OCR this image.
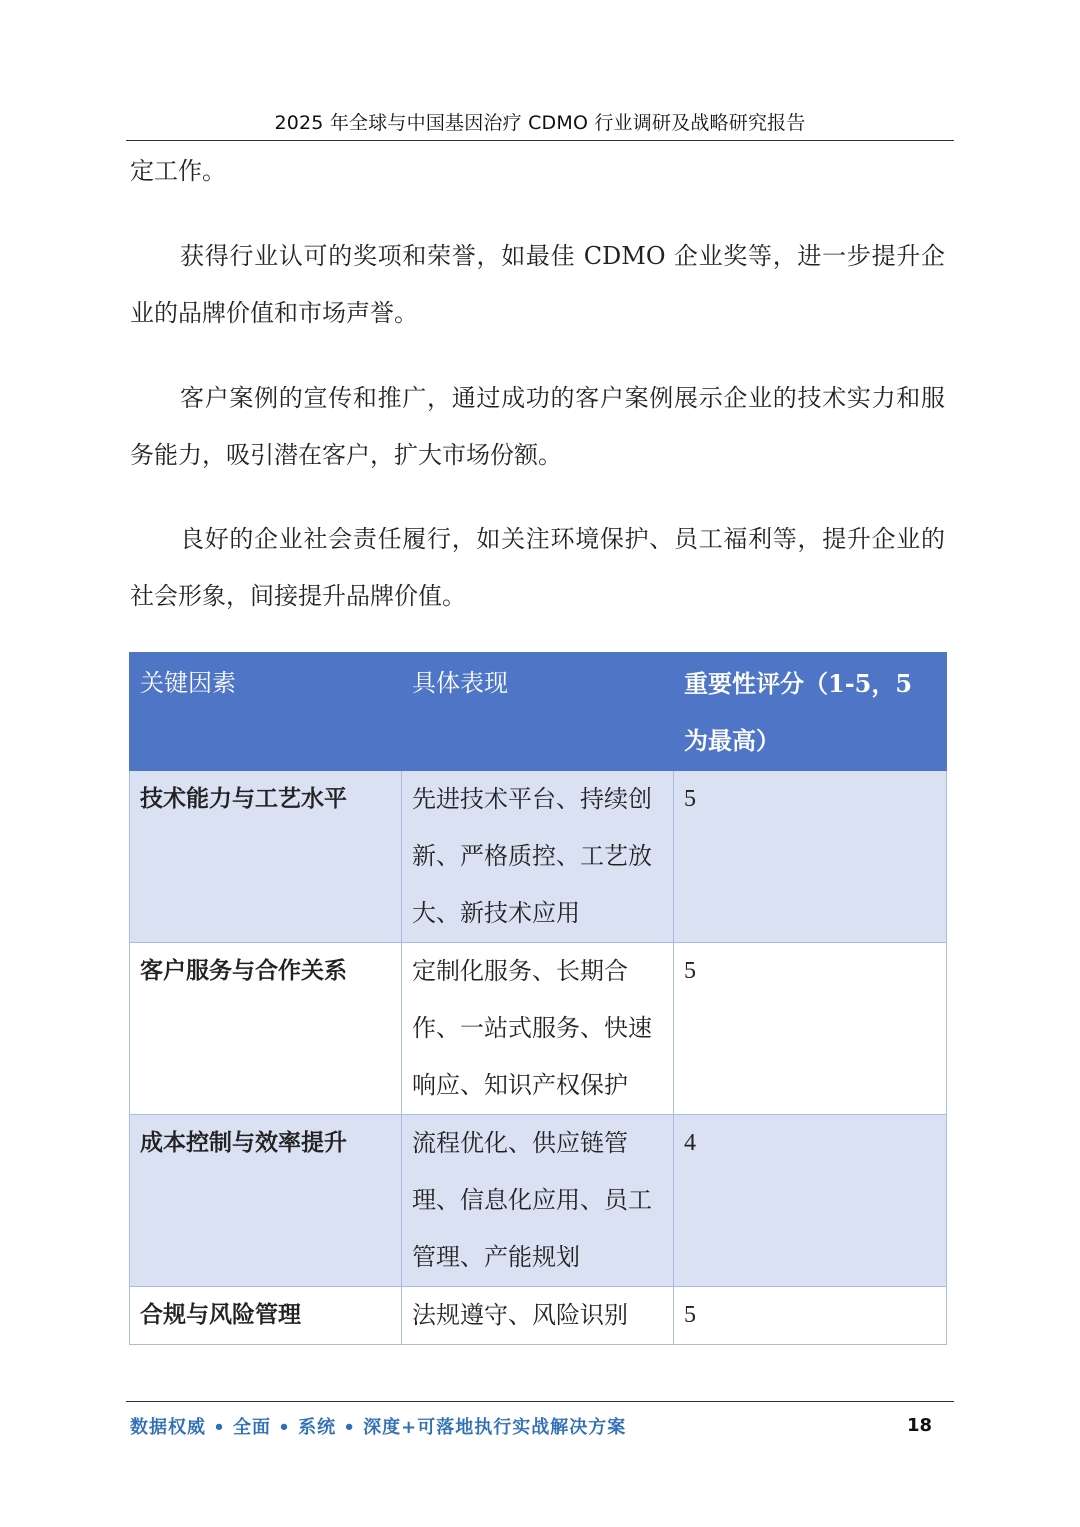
2025 年全球与中国基因治疗 CDMO 行业调研及战略研究报告

定工作。

获得行业认可的奖项和荣誉，如最佳 CDMO 企业奖等，进一步提升企业的品牌价值和市场声誉。

客户案例的宣传和推广，通过成功的客户案例展示企业的技术实力和服务能力，吸引潜在客户，扩大市场份额。

良好的企业社会责任履行，如关注环境保护、员工福利等，提升企业的社会形象，间接提升品牌价值。

关键因素	具体表现	重要性评分（1-5，5 为最高）
技术能力与工艺水平	先进技术平台、持续创新、严格质控、工艺放大、新技术应用	5
客户服务与合作关系	定制化服务、长期合作、一站式服务、快速响应、知识产权保护	5
成本控制与效率提升	流程优化、供应链管理、信息化应用、员工管理、产能规划	4
合规与风险管理	法规遵守、风险识别	5
数据权威 • 全面 • 系统 • 深度+可落地执行实战解决方案	18
